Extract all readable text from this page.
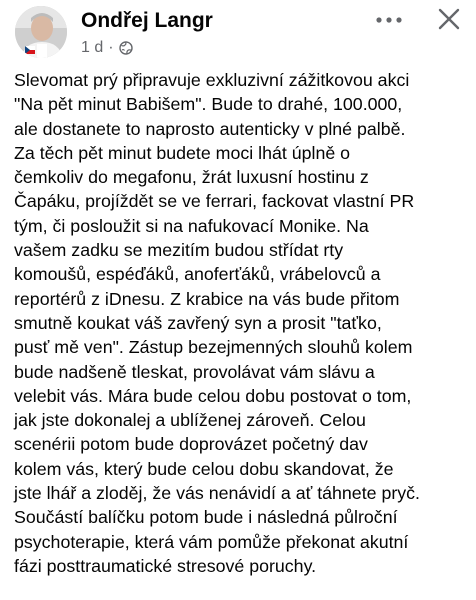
Ondřej Langr
1 d ·
Slevomat prý připravuje exkluzivní zážitkovou akci
"Na pět minut Babišem". Bude to drahé, 100.000,
ale dostanete to naprosto autenticky v plné palbě.
Za těch pět minut budete moci lhát úplně o
čemkoliv do megafonu, žrát luxusní hostinu z
Čapáku, projíždět se ve ferrari, fackovat vlastní PR
tým, či posloužit si na nafukovací Monike. Na
vašem zadku se mezitím budou střídat rty
komoušů, espéďáků, anoferťáků, vrábelovců a
reportérů z iDnesu. Z krabice na vás bude přitom
smutně koukat váš zavřený syn a prosit "taťko,
pusť mě ven". Zástup bezejmenných slouhů kolem
bude nadšeně tleskat, provolávat vám slávu a
velebit vás. Mára bude celou dobu postovat o tom,
jak jste dokonalej a ublíženej zároveň. Celou
scenérii potom bude doprovázet početný dav
kolem vás, který bude celou dobu skandovat, že
jste lhář a zloděj, že vás nenávidí a ať táhnete pryč.
Součástí balíčku potom bude i následná půlroční
psychoterapie, která vám pomůže překonat akutní
fázi posttraumatické stresové poruchy.
